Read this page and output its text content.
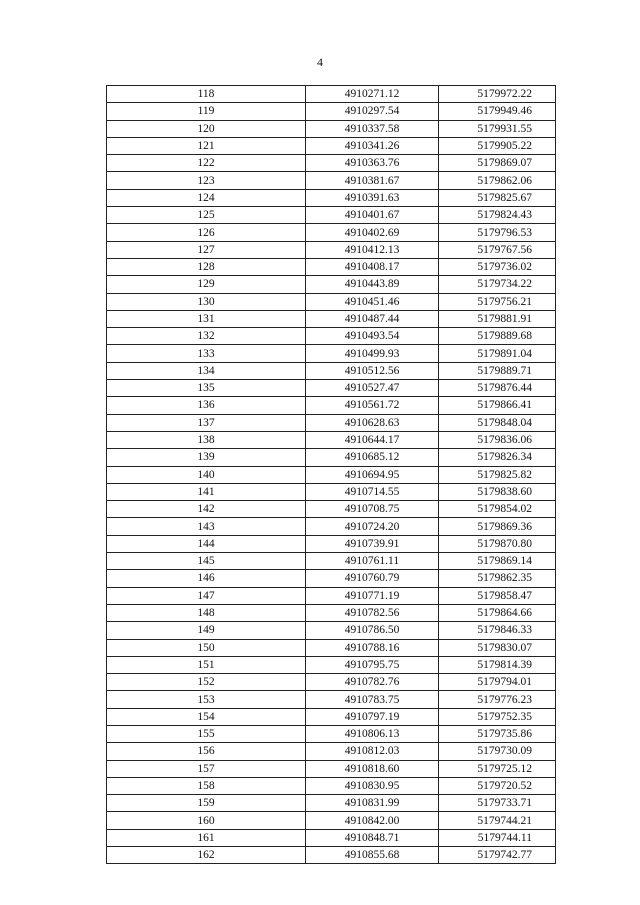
4
118	4910271.12	5179972.22
119	4910297.54	5179949.46
120	4910337.58	5179931.55
121	4910341.26	5179905.22
122	4910363.76	5179869.07
123	4910381.67	5179862.06
124	4910391.63	5179825.67
125	4910401.67	5179824.43
126	4910402.69	5179796.53
127	4910412.13	5179767.56
128	4910408.17	5179736.02
129	4910443.89	5179734.22
130	4910451.46	5179756.21
131	4910487.44	5179881.91
132	4910493.54	5179889.68
133	4910499.93	5179891.04
134	4910512.56	5179889.71
135	4910527.47	5179876.44
136	4910561.72	5179866.41
137	4910628.63	5179848.04
138	4910644.17	5179836.06
139	4910685.12	5179826.34
140	4910694.95	5179825.82
141	4910714.55	5179838.60
142	4910708.75	5179854.02
143	4910724.20	5179869.36
144	4910739.91	5179870.80
145	4910761.11	5179869.14
146	4910760.79	5179862.35
147	4910771.19	5179858.47
148	4910782.56	5179864.66
149	4910786.50	5179846.33
150	4910788.16	5179830.07
151	4910795.75	5179814.39
152	4910782.76	5179794.01
153	4910783.75	5179776.23
154	4910797.19	5179752.35
155	4910806.13	5179735.86
156	4910812.03	5179730.09
157	4910818.60	5179725.12
158	4910830.95	5179720.52
159	4910831.99	5179733.71
160	4910842.00	5179744.21
161	4910848.71	5179744.11
162	4910855.68	5179742.77
